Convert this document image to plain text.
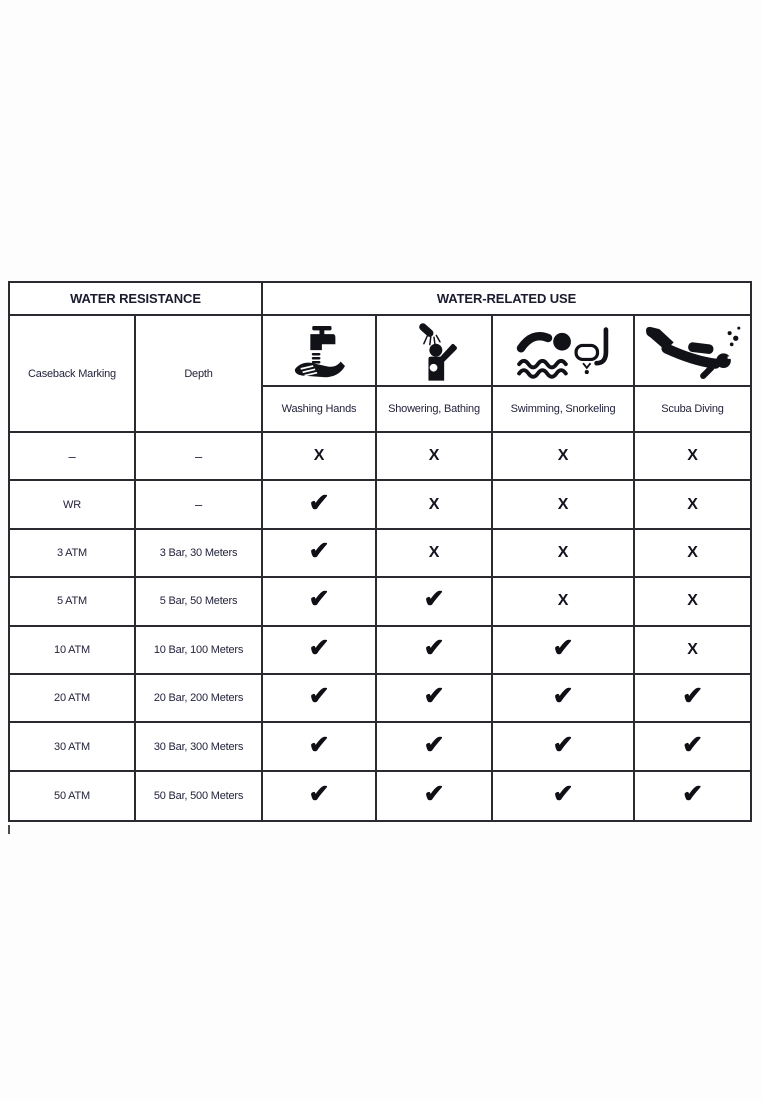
WATER RESISTANCE	WATER-RELATED USE
Caseback Marking	Depth
Washing Hands	Showering, Bathing	Swimming, Snorkeling	Scuba Diving
–	–	X	X	X	X
WR	–	✔	X	X	X
3 ATM	3 Bar, 30 Meters	✔	X	X	X
5 ATM	5 Bar, 50 Meters	✔	✔	X	X
10 ATM	10 Bar, 100 Meters	✔	✔	✔	X
20 ATM	20 Bar, 200 Meters	✔	✔	✔	✔
30 ATM	30 Bar, 300 Meters	✔	✔	✔	✔
50 ATM	50 Bar, 500 Meters	✔	✔	✔	✔
